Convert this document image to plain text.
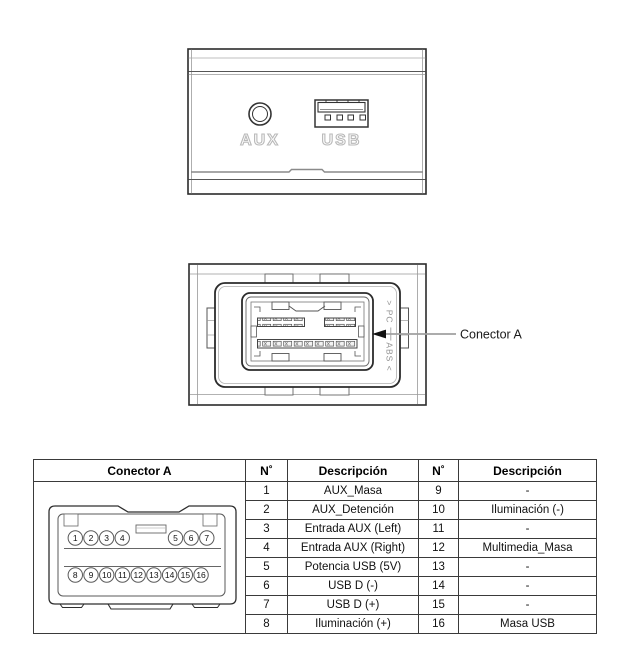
AUX	USB
> PC
ABS <
Conector A
Conector A	N˚	Descripción	N˚	Descripción

1 2 3 4	5 6 7
8 9 10 11 12 13 14 15 16
	1	AUX_Masa	9	-
	2	AUX_Detención	10	Iluminación (-)
	3	Entrada AUX (Left)	11	-
	4	Entrada AUX (Right)	12	Multimedia_Masa
	5	Potencia USB (5V)	13	-
	6	USB D (-)	14	-
	7	USB D (+)	15	-
	8	Iluminación (+)	16	Masa USB
